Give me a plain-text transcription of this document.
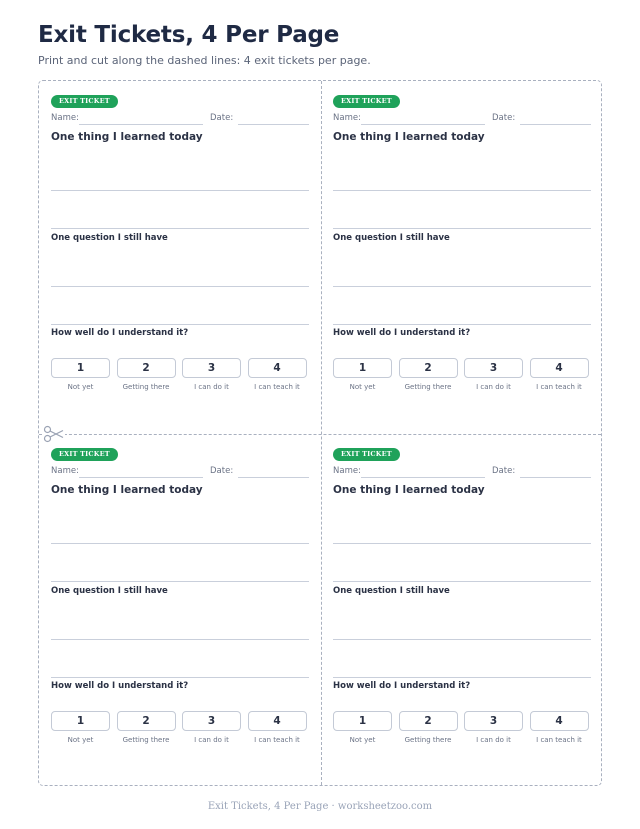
Exit Tickets, 4 Per Page

Print and cut along the dashed lines: 4 exit tickets per page.

EXIT TICKET
Name:	Date:
One thing I learned today
One question I still have
How well do I understand it?
1	2	3	4
Not yet	Getting there	I can do it	I can teach it
EXIT TICKET
Name:	Date:
One thing I learned today
One question I still have
How well do I understand it?
1	2	3	4
Not yet	Getting there	I can do it	I can teach it
EXIT TICKET
Name:	Date:
One thing I learned today
One question I still have
How well do I understand it?
1	2	3	4
Not yet	Getting there	I can do it	I can teach it
EXIT TICKET
Name:	Date:
One thing I learned today
One question I still have
How well do I understand it?
1	2	3	4
Not yet	Getting there	I can do it	I can teach it
Exit Tickets, 4 Per Page · worksheetzoo.com
